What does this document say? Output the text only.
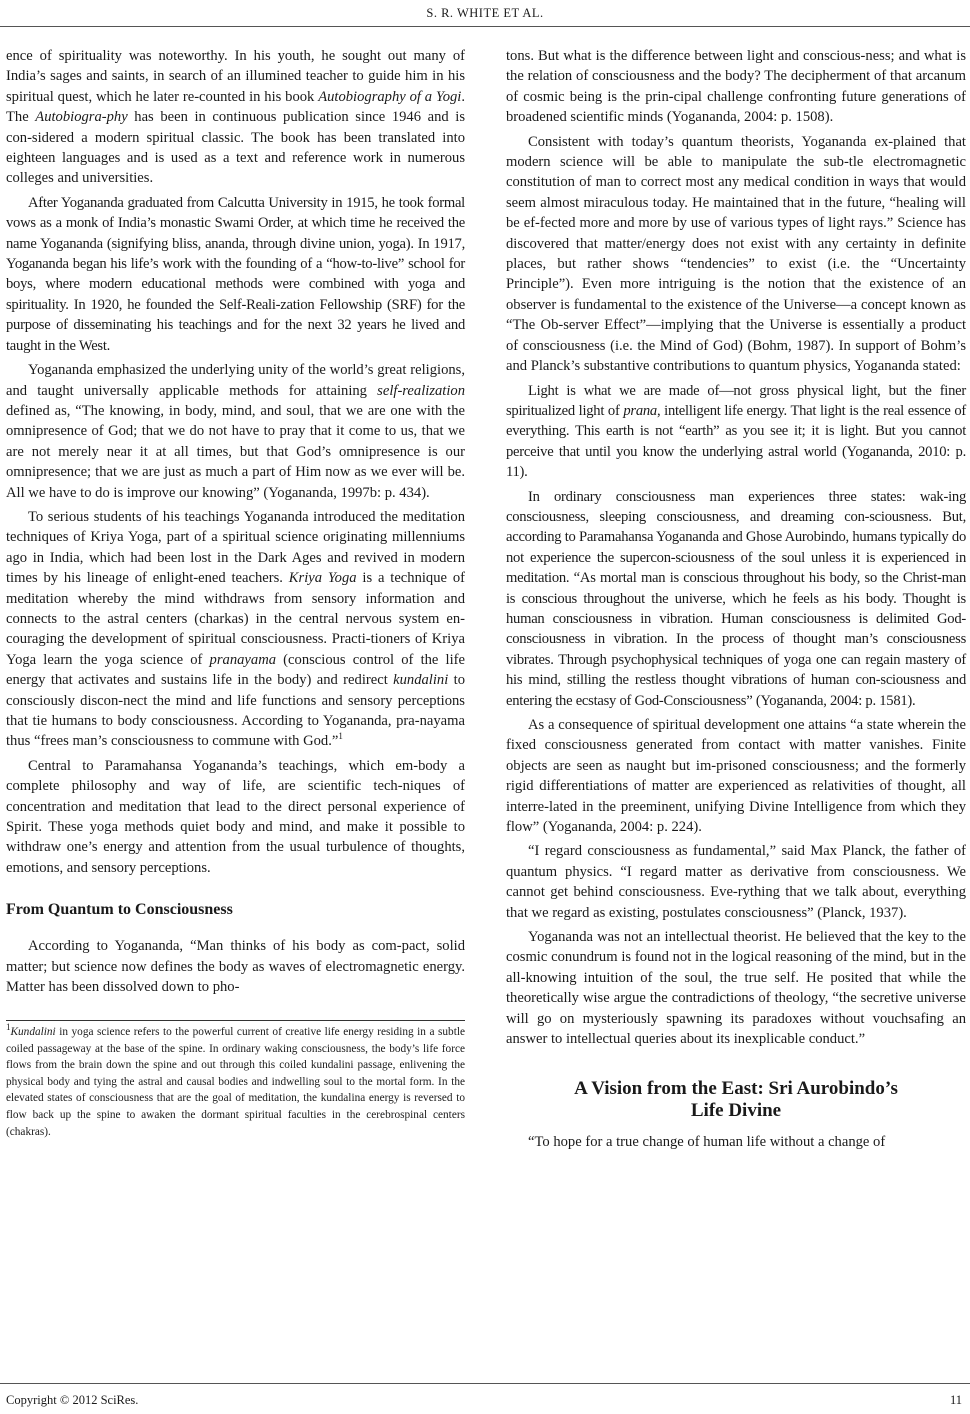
S. R. WHITE ET AL.

ence of spirituality was noteworthy. In his youth, he sought out many of India’s sages and saints, in search of an illumined teacher to guide him in his spiritual quest, which he later re-counted in his book Autobiography of a Yogi. The Autobiogra-phy has been in continuous publication since 1946 and is con-sidered a modern spiritual classic. The book has been translated into eighteen languages and is used as a text and reference work in numerous colleges and universities.

After Yogananda graduated from Calcutta University in 1915, he took formal vows as a monk of India’s monastic Swami Order, at which time he received the name Yogananda (signifying bliss, ananda, through divine union, yoga). In 1917, Yogananda began his life’s work with the founding of a “how-to-live” school for boys, where modern educational methods were combined with yoga and spirituality. In 1920, he founded the Self-Reali-zation Fellowship (SRF) for the purpose of disseminating his teachings and for the next 32 years he lived and taught in the West.

Yogananda emphasized the underlying unity of the world’s great religions, and taught universally applicable methods for attaining self-realization defined as, “The knowing, in body, mind, and soul, that we are one with the omnipresence of God; that we do not have to pray that it come to us, that we are not merely near it at all times, but that God’s omnipresence is our omnipresence; that we are just as much a part of Him now as we ever will be. All we have to do is improve our knowing” (Yogananda, 1997b: p. 434).

To serious students of his teachings Yogananda introduced the meditation techniques of Kriya Yoga, part of a spiritual science originating millenniums ago in India, which had been lost in the Dark Ages and revived in modern times by his lineage of enlight-ened teachers. Kriya Yoga is a technique of meditation whereby the mind withdraws from sensory information and connects to the astral centers (charkas) in the central nervous system en-couraging the development of spiritual consciousness. Practi-tioners of Kriya Yoga learn the yoga science of pranayama (conscious control of the life energy that activates and sustains life in the body) and redirect kundalini to consciously discon-nect the mind and life functions and sensory perceptions that tie humans to body consciousness. According to Yogananda, pra-nayama thus “frees man’s consciousness to commune with God.”$^1$

Central to Paramahansa Yogananda’s teachings, which em-body a complete philosophy and way of life, are scientific tech-niques of concentration and meditation that lead to the direct personal experience of Spirit. These yoga methods quiet body and mind, and make it possible to withdraw one’s energy and attention from the usual turbulence of thoughts, emotions, and sensory perceptions.

From Quantum to Consciousness

According to Yogananda, “Man thinks of his body as com-pact, solid matter; but science now defines the body as waves of electromagnetic energy. Matter has been dissolved down to pho-

$^1$Kundalini in yoga science refers to the powerful current of creative life energy residing in a subtle coiled passageway at the base of the spine. In ordinary waking consciousness, the body’s life force flows from the brain down the spine and out through this coiled kundalini passage, enlivening the physical body and tying the astral and causal bodies and indwelling soul to the mortal form. In the elevated states of consciousness that are the goal of meditation, the kundalina energy is reversed to flow back up the spine to awaken the dormant spiritual faculties in the cerebrospinal centers (chakras).

tons. But what is the difference between light and conscious-ness; and what is the relation of consciousness and the body? The decipherment of that arcanum of cosmic being is the prin-cipal challenge confronting future generations of broadened scientific minds (Yogananda, 2004: p. 1508).

Consistent with today’s quantum theorists, Yogananda ex-plained that modern science will be able to manipulate the sub-tle electromagnetic constitution of man to correct most any medical condition in ways that would seem almost miraculous today. He maintained that in the future, “healing will be ef-fected more and more by use of various types of light rays.” Science has discovered that matter/energy does not exist with any certainty in definite places, but rather shows “tendencies” to exist (i.e. the “Uncertainty Principle”). Even more intriguing is the notion that the existence of an observer is fundamental to the existence of the Universe—a concept known as “The Ob-server Effect”—implying that the Universe is essentially a product of consciousness (i.e. the Mind of God) (Bohm, 1987). In support of Bohm’s and Planck’s substantive contributions to quantum physics, Yogananda stated:

Light is what we are made of—not gross physical light, but the finer spiritualized light of prana, intelligent life energy. That light is the real essence of everything. This earth is not “earth” as you see it; it is light. But you cannot perceive that until you know the underlying astral world (Yogananda, 2010: p. 11).

In ordinary consciousness man experiences three states: wak-ing consciousness, sleeping consciousness, and dreaming con-sciousness. But, according to Paramahansa Yogananda and Ghose Aurobindo, humans typically do not experience the supercon-sciousness of the soul unless it is experienced in meditation. “As mortal man is conscious throughout his body, so the Christ-man is conscious throughout the universe, which he feels as his body. Thought is human consciousness in vibration. Human consciousness is delimited God-consciousness in vibration. In the process of thought man’s consciousness vibrates. Through psychophysical techniques of yoga one can regain mastery of his mind, stilling the restless thought vibrations of human con-sciousness and entering the ecstasy of God-Consciousness” (Yogananda, 2004: p. 1581).

As a consequence of spiritual development one attains “a state wherein the fixed consciousness generated from contact with matter vanishes. Finite objects are seen as naught but im-prisoned consciousness; and the formerly rigid differentiations of matter are experienced as relativities of thought, all interre-lated in the preeminent, unifying Divine Intelligence from which they flow” (Yogananda, 2004: p. 224).

“I regard consciousness as fundamental,” said Max Planck, the father of quantum physics. “I regard matter as derivative from consciousness. We cannot get behind consciousness. Eve-rything that we talk about, everything that we regard as existing, postulates consciousness” (Planck, 1937).

Yogananda was not an intellectual theorist. He believed that the key to the cosmic conundrum is found not in the logical reasoning of the mind, but in the all-knowing intuition of the soul, the true self. He posited that while the theoretically wise argue the contradictions of theology, “the secretive universe will go on mysteriously spawning its paradoxes without vouchsafing an answer to intellectual queries about its inexplicable conduct.”

A Vision from the East: Sri Aurobindo’s
Life Divine

“To hope for a true change of human life without a change of

Copyright © 2012 SciRes.	11
